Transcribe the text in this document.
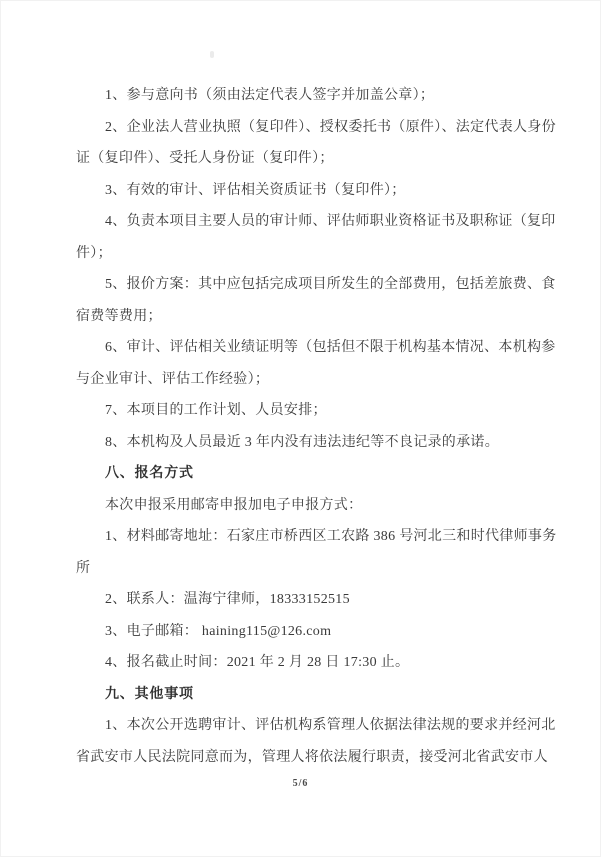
1、参与意向书（须由法定代表人签字并加盖公章）；
2、企业法人营业执照（复印件）、授权委托书（原件）、法定代表人身份
证（复印件）、受托人身份证（复印件）；
3、有效的审计、评估相关资质证书（复印件）；
4、负责本项目主要人员的审计师、评估师职业资格证书及职称证（复印
件）；
5、报价方案：其中应包括完成项目所发生的全部费用，包括差旅费、食
宿费等费用；
6、审计、评估相关业绩证明等（包括但不限于机构基本情况、本机构参
与企业审计、评估工作经验）；
7、本项目的工作计划、人员安排；
8、本机构及人员最近 3 年内没有违法违纪等不良记录的承诺。
八、报名方式
本次申报采用邮寄申报加电子申报方式：
1、材料邮寄地址：石家庄市桥西区工农路 386 号河北三和时代律师事务
所
2、联系人：温海宁律师，18333152515
3、电子邮箱： haining115@126.com
4、报名截止时间：2021 年 2 月 28 日 17:30 止。
九、其他事项
1、本次公开选聘审计、评估机构系管理人依据法律法规的要求并经河北
省武安市人民法院同意而为，管理人将依法履行职责，接受河北省武安市人
5/6
